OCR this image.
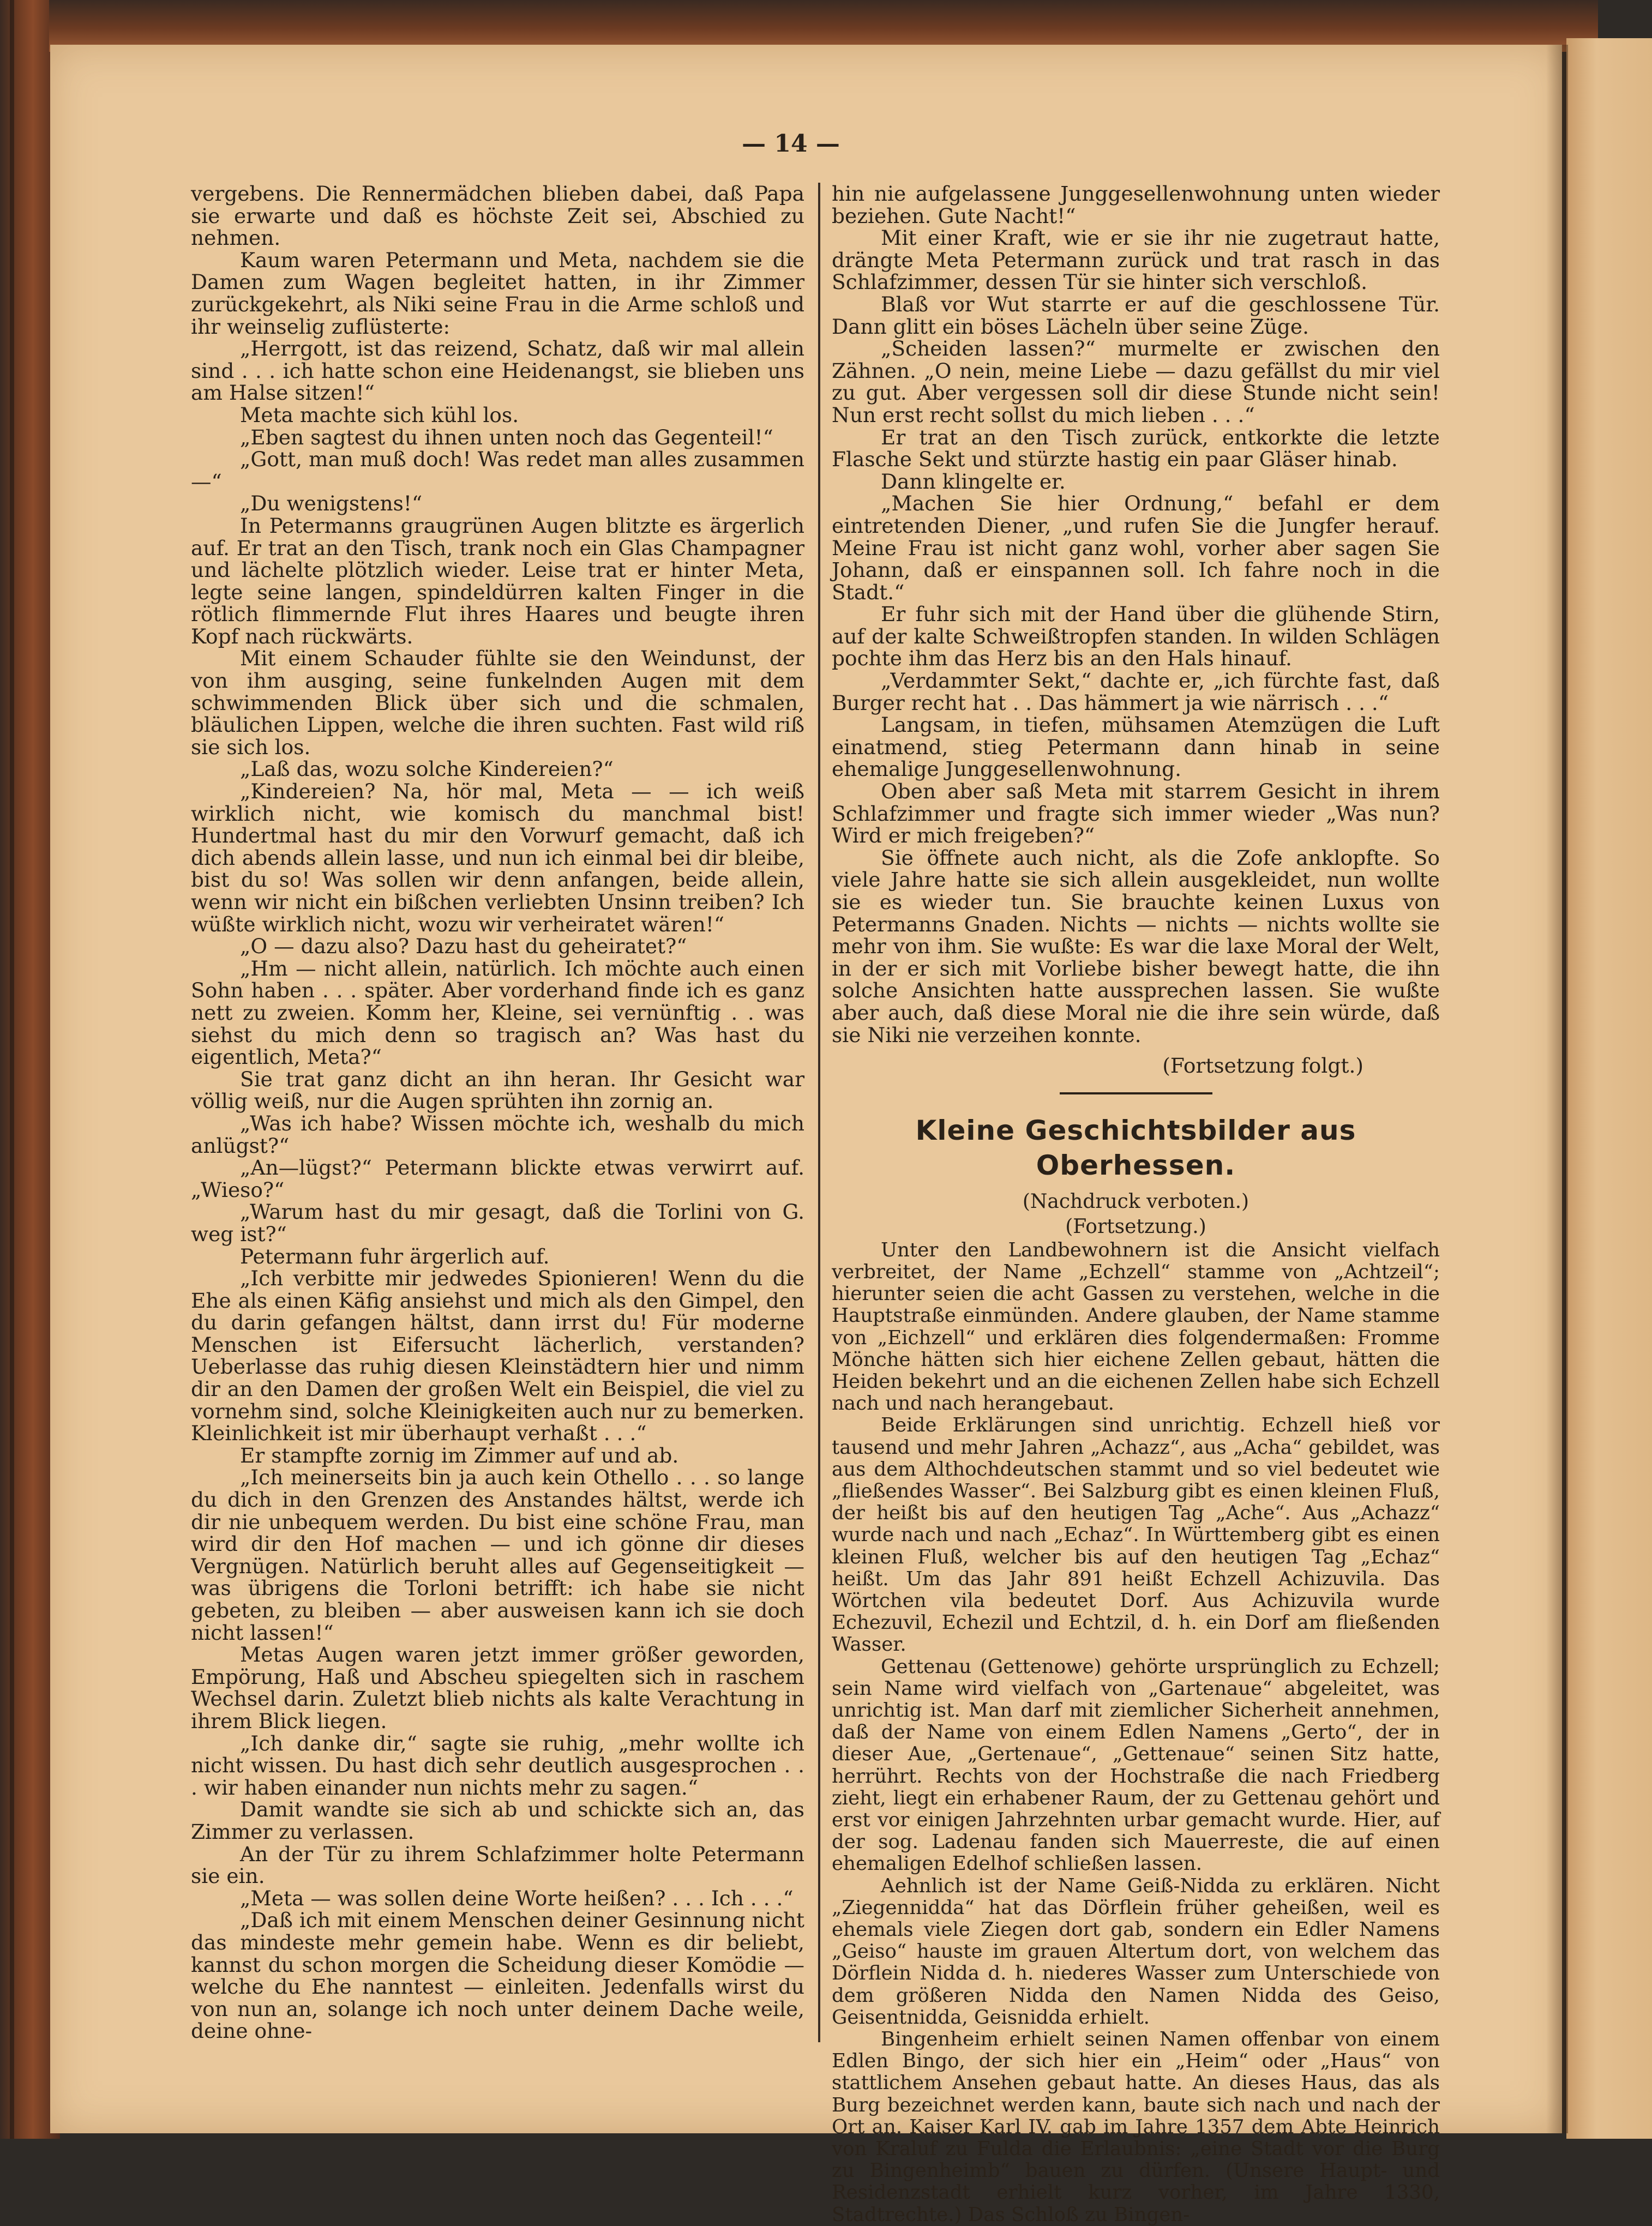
— 14 —

vergebens. Die Rennermädchen blieben dabei, daß Papa sie erwarte und daß es höchste Zeit sei, Abschied zu nehmen.

Kaum waren Petermann und Meta, nachdem sie die Damen zum Wagen begleitet hatten, in ihr Zimmer zurückgekehrt, als Niki seine Frau in die Arme schloß und ihr weinselig zuflüsterte:

„Herrgott, ist das reizend, Schatz, daß wir mal allein sind . . . ich hatte schon eine Heidenangst, sie blieben uns am Halse sitzen!“

Meta machte sich kühl los.

„Eben sagtest du ihnen unten noch das Gegenteil!“

„Gott, man muß doch! Was redet man alles zusammen —“

„Du wenigstens!“

In Petermanns graugrünen Augen blitzte es ärgerlich auf. Er trat an den Tisch, trank noch ein Glas Champagner und lächelte plötzlich wieder. Leise trat er hinter Meta, legte seine langen, spindeldürren kalten Finger in die rötlich flimmernde Flut ihres Haares und beugte ihren Kopf nach rückwärts.

Mit einem Schauder fühlte sie den Weindunst, der von ihm ausging, seine funkelnden Augen mit dem schwimmenden Blick über sich und die schmalen, bläulichen Lippen, welche die ihren suchten. Fast wild riß sie sich los.

„Laß das, wozu solche Kindereien?“

„Kindereien? Na, hör mal, Meta — — ich weiß wirklich nicht, wie komisch du manchmal bist! Hundertmal hast du mir den Vorwurf gemacht, daß ich dich abends allein lasse, und nun ich einmal bei dir bleibe, bist du so! Was sollen wir denn anfangen, beide allein, wenn wir nicht ein bißchen verliebten Unsinn treiben? Ich wüßte wirklich nicht, wozu wir verheiratet wären!“

„O — dazu also? Dazu hast du geheiratet?“

„Hm — nicht allein, natürlich. Ich möchte auch einen Sohn haben . . . später. Aber vorderhand finde ich es ganz nett zu zweien. Komm her, Kleine, sei vernünftig . . was siehst du mich denn so tragisch an? Was hast du eigentlich, Meta?“

Sie trat ganz dicht an ihn heran. Ihr Gesicht war völlig weiß, nur die Augen sprühten ihn zornig an.

„Was ich habe? Wissen möchte ich, weshalb du mich anlügst?“

„An—lügst?“ Petermann blickte etwas verwirrt auf. „Wieso?“

„Warum hast du mir gesagt, daß die Torlini von G. weg ist?“

Petermann fuhr ärgerlich auf.

„Ich verbitte mir jedwedes Spionieren! Wenn du die Ehe als einen Käfig ansiehst und mich als den Gimpel, den du darin gefangen hältst, dann irrst du! Für moderne Menschen ist Eifersucht lächerlich, verstanden? Ueberlasse das ruhig diesen Kleinstädtern hier und nimm dir an den Damen der großen Welt ein Beispiel, die viel zu vornehm sind, solche Kleinigkeiten auch nur zu bemerken. Kleinlichkeit ist mir überhaupt verhaßt . . .“

Er stampfte zornig im Zimmer auf und ab.

„Ich meinerseits bin ja auch kein Othello . . . so lange du dich in den Grenzen des Anstandes hältst, werde ich dir nie unbequem werden. Du bist eine schöne Frau, man wird dir den Hof machen — und ich gönne dir dieses Vergnügen. Natürlich beruht alles auf Gegenseitigkeit — was übrigens die Torloni betrifft: ich habe sie nicht gebeten, zu bleiben — aber ausweisen kann ich sie doch nicht lassen!“

Metas Augen waren jetzt immer größer geworden, Empörung, Haß und Abscheu spiegelten sich in raschem Wechsel darin. Zuletzt blieb nichts als kalte Verachtung in ihrem Blick liegen.

„Ich danke dir,“ sagte sie ruhig, „mehr wollte ich nicht wissen. Du hast dich sehr deutlich ausgesprochen . . . wir haben einander nun nichts mehr zu sagen.“

Damit wandte sie sich ab und schickte sich an, das Zimmer zu verlassen.

An der Tür zu ihrem Schlafzimmer holte Petermann sie ein.

„Meta — was sollen deine Worte heißen? . . . Ich . . .“

„Daß ich mit einem Menschen deiner Gesinnung nicht das mindeste mehr gemein habe. Wenn es dir beliebt, kannst du schon morgen die Scheidung dieser Komödie — welche du Ehe nanntest — einleiten. Jedenfalls wirst du von nun an, solange ich noch unter deinem Dache weile, deine ohne-

hin nie aufgelassene Junggesellenwohnung unten wieder beziehen. Gute Nacht!“

Mit einer Kraft, wie er sie ihr nie zugetraut hatte, drängte Meta Petermann zurück und trat rasch in das Schlafzimmer, dessen Tür sie hinter sich verschloß.

Blaß vor Wut starrte er auf die geschlossene Tür. Dann glitt ein böses Lächeln über seine Züge.

„Scheiden lassen?“ murmelte er zwischen den Zähnen. „O nein, meine Liebe — dazu gefällst du mir viel zu gut. Aber vergessen soll dir diese Stunde nicht sein! Nun erst recht sollst du mich lieben . . .“

Er trat an den Tisch zurück, entkorkte die letzte Flasche Sekt und stürzte hastig ein paar Gläser hinab.

Dann klingelte er.

„Machen Sie hier Ordnung,“ befahl er dem eintretenden Diener, „und rufen Sie die Jungfer herauf. Meine Frau ist nicht ganz wohl, vorher aber sagen Sie Johann, daß er einspannen soll. Ich fahre noch in die Stadt.“

Er fuhr sich mit der Hand über die glühende Stirn, auf der kalte Schweißtropfen standen. In wilden Schlägen pochte ihm das Herz bis an den Hals hinauf.

„Verdammter Sekt,“ dachte er, „ich fürchte fast, daß Burger recht hat . . Das hämmert ja wie närrisch . . .“

Langsam, in tiefen, mühsamen Atemzügen die Luft einatmend, stieg Petermann dann hinab in seine ehemalige Junggesellenwohnung.

Oben aber saß Meta mit starrem Gesicht in ihrem Schlafzimmer und fragte sich immer wieder „Was nun? Wird er mich freigeben?“

Sie öffnete auch nicht, als die Zofe anklopfte. So viele Jahre hatte sie sich allein ausgekleidet, nun wollte sie es wieder tun. Sie brauchte keinen Luxus von Petermanns Gnaden. Nichts — nichts — nichts wollte sie mehr von ihm. Sie wußte: Es war die laxe Moral der Welt, in der er sich mit Vorliebe bisher bewegt hatte, die ihn solche Ansichten hatte aussprechen lassen. Sie wußte aber auch, daß diese Moral nie die ihre sein würde, daß sie Niki nie verzeihen konnte.

(Fortsetzung folgt.)
Kleine Geschichtsbilder aus Oberhessen.
(Nachdruck verboten.)
(Fortsetzung.)

Unter den Landbewohnern ist die Ansicht vielfach verbreitet, der Name „Echzell“ stamme von „Achtzeil“; hierunter seien die acht Gassen zu verstehen, welche in die Hauptstraße einmünden. Andere glauben, der Name stamme von „Eichzell“ und erklären dies folgendermaßen: Fromme Mönche hätten sich hier eichene Zellen gebaut, hätten die Heiden bekehrt und an die eichenen Zellen habe sich Echzell nach und nach herangebaut.

Beide Erklärungen sind unrichtig. Echzell hieß vor tausend und mehr Jahren „Achazz“, aus „Acha“ gebildet, was aus dem Althochdeutschen stammt und so viel bedeutet wie „fließendes Wasser“. Bei Salzburg gibt es einen kleinen Fluß, der heißt bis auf den heutigen Tag „Ache“. Aus „Achazz“ wurde nach und nach „Echaz“. In Württemberg gibt es einen kleinen Fluß, welcher bis auf den heutigen Tag „Echaz“ heißt. Um das Jahr 891 heißt Echzell Achizuvila. Das Wörtchen vila bedeutet Dorf. Aus Achizuvila wurde Echezuvil, Echezil und Echtzil, d. h. ein Dorf am fließenden Wasser.

Gettenau (Gettenowe) gehörte ursprünglich zu Echzell; sein Name wird vielfach von „Gartenaue“ abgeleitet, was unrichtig ist. Man darf mit ziemlicher Sicherheit annehmen, daß der Name von einem Edlen Namens „Gerto“, der in dieser Aue, „Gertenaue“, „Gettenaue“ seinen Sitz hatte, herrührt. Rechts von der Hochstraße die nach Friedberg zieht, liegt ein erhabener Raum, der zu Gettenau gehört und erst vor einigen Jahrzehnten urbar gemacht wurde. Hier, auf der sog. Ladenau fanden sich Mauerreste, die auf einen ehemaligen Edelhof schließen lassen.

Aehnlich ist der Name Geiß-Nidda zu erklären. Nicht „Ziegennidda“ hat das Dörflein früher geheißen, weil es ehemals viele Ziegen dort gab, sondern ein Edler Namens „Geiso“ hauste im grauen Altertum dort, von welchem das Dörflein Nidda d. h. niederes Wasser zum Unterschiede von dem größeren Nidda den Namen Nidda des Geiso, Geisentnidda, Geisnidda erhielt.

Bingenheim erhielt seinen Namen offenbar von einem Edlen Bingo, der sich hier ein „Heim“ oder „Haus“ von stattlichem Ansehen gebaut hatte. An dieses Haus, das als Burg bezeichnet werden kann, baute sich nach und nach der Ort an. Kaiser Karl IV. gab im Jahre 1357 dem Abte Heinrich von Kraluf zu Fulda die Erlaubnis: „eine Stadt vor die Burg zu Bingenheimb“ bauen zu dürfen. (Unsere Haupt- und Residenzstadt erhielt kurz vorher, im Jahre 1330, Stadtrechte.) Das Schloß zu Bingen-
